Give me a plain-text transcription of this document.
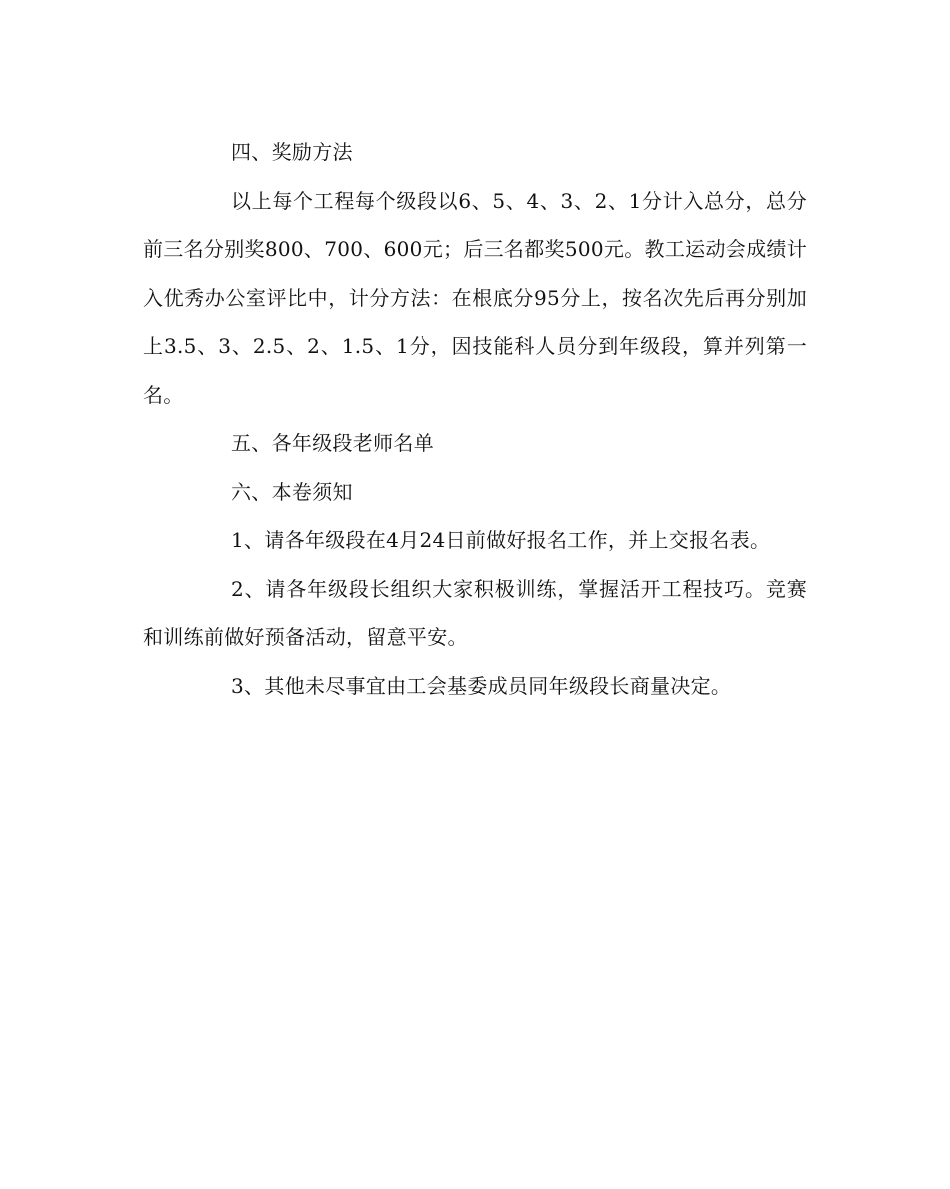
四、奖励方法

以上每个工程每个级段以6、5、4、3、2、1分计入总分，总分前三名分别奖800、700、600元；后三名都奖500元。教工运动会成绩计入优秀办公室评比中，计分方法：在根底分95分上，按名次先后再分别加上3.5、3、2.5、2、1.5、1分，因技能科人员分到年级段，算并列第一名。

五、各年级段老师名单

六、本卷须知

1、请各年级段在4月24日前做好报名工作，并上交报名表。

2、请各年级段长组织大家积极训练，掌握活开工程技巧。竞赛和训练前做好预备活动，留意平安。

3、其他未尽事宜由工会基委成员同年级段长商量决定。
